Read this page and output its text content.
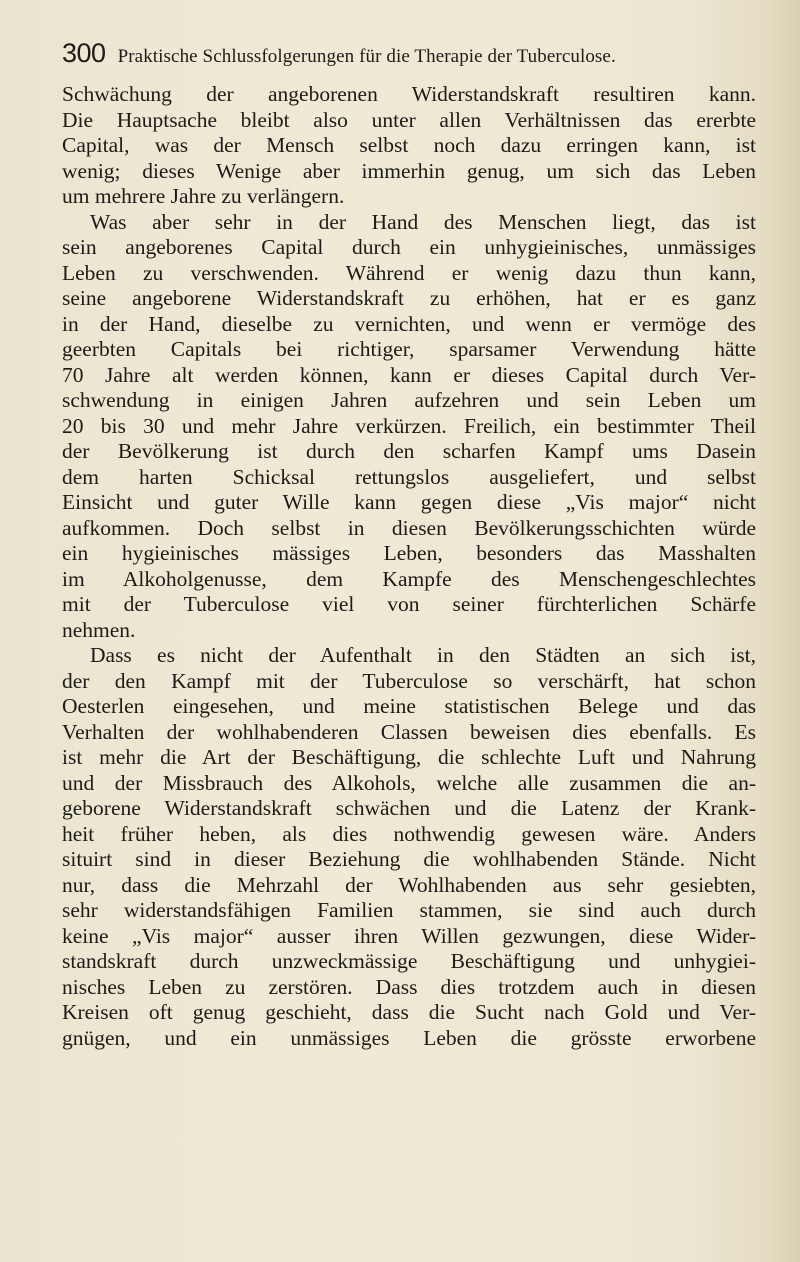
300 Praktische Schlussfolgerungen für die Therapie der Tuberculose.
Schwächung der angeborenen Widerstandskraft resultiren kann.
Die Hauptsache bleibt also unter allen Verhältnissen das ererbte
Capital, was der Mensch selbst noch dazu erringen kann, ist
wenig; dieses Wenige aber immerhin genug, um sich das Leben
um mehrere Jahre zu verlängern.
Was aber sehr in der Hand des Menschen liegt, das ist
sein angeborenes Capital durch ein unhygieinisches, unmässiges
Leben zu verschwenden. Während er wenig dazu thun kann,
seine angeborene Widerstandskraft zu erhöhen, hat er es ganz
in der Hand, dieselbe zu vernichten, und wenn er vermöge des
geerbten Capitals bei richtiger, sparsamer Verwendung hätte
70 Jahre alt werden können, kann er dieses Capital durch Ver-
schwendung in einigen Jahren aufzehren und sein Leben um
20 bis 30 und mehr Jahre verkürzen. Freilich, ein bestimmter Theil
der Bevölkerung ist durch den scharfen Kampf ums Dasein
dem harten Schicksal rettungslos ausgeliefert, und selbst
Einsicht und guter Wille kann gegen diese „Vis major“ nicht
aufkommen. Doch selbst in diesen Bevölkerungsschichten würde
ein hygieinisches mässiges Leben, besonders das Masshalten
im Alkoholgenusse, dem Kampfe des Menschengeschlechtes
mit der Tuberculose viel von seiner fürchterlichen Schärfe
nehmen.
Dass es nicht der Aufenthalt in den Städten an sich ist,
der den Kampf mit der Tuberculose so verschärft, hat schon
Oesterlen eingesehen, und meine statistischen Belege und das
Verhalten der wohlhabenderen Classen beweisen dies ebenfalls. Es
ist mehr die Art der Beschäftigung, die schlechte Luft und Nahrung
und der Missbrauch des Alkohols, welche alle zusammen die an-
geborene Widerstandskraft schwächen und die Latenz der Krank-
heit früher heben, als dies nothwendig gewesen wäre. Anders
situirt sind in dieser Beziehung die wohlhabenden Stände. Nicht
nur, dass die Mehrzahl der Wohlhabenden aus sehr gesiebten,
sehr widerstandsfähigen Familien stammen, sie sind auch durch
keine „Vis major“ ausser ihren Willen gezwungen, diese Wider-
standskraft durch unzweckmässige Beschäftigung und unhygiei-
nisches Leben zu zerstören. Dass dies trotzdem auch in diesen
Kreisen oft genug geschieht, dass die Sucht nach Gold und Ver-
gnügen, und ein unmässiges Leben die grösste erworbene
